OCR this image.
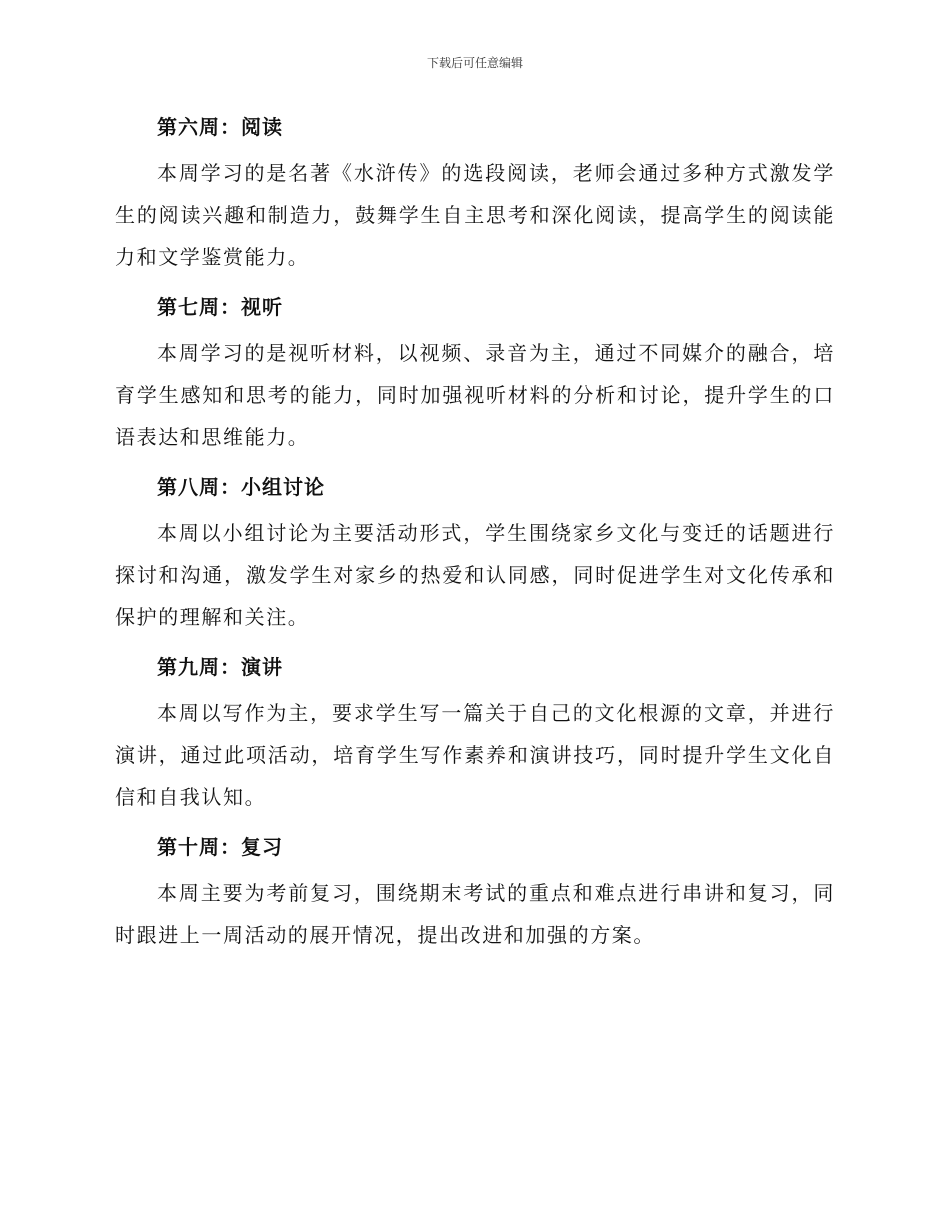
下载后可任意编辑
第六周：阅读

本周学习的是名著《水浒传》的选段阅读，老师会通过多种方式激发学生的阅读兴趣和制造力，鼓舞学生自主思考和深化阅读，提高学生的阅读能力和文学鉴赏能力。

第七周：视听

本周学习的是视听材料，以视频、录音为主，通过不同媒介的融合，培育学生感知和思考的能力，同时加强视听材料的分析和讨论，提升学生的口语表达和思维能力。

第八周：小组讨论

本周以小组讨论为主要活动形式，学生围绕家乡文化与变迁的话题进行探讨和沟通，激发学生对家乡的热爱和认同感，同时促进学生对文化传承和保护的理解和关注。

第九周：演讲

本周以写作为主，要求学生写一篇关于自己的文化根源的文章，并进行演讲，通过此项活动，培育学生写作素养和演讲技巧，同时提升学生文化自信和自我认知。

第十周：复习

本周主要为考前复习，围绕期末考试的重点和难点进行串讲和复习，同时跟进上一周活动的展开情况，提出改进和加强的方案。
